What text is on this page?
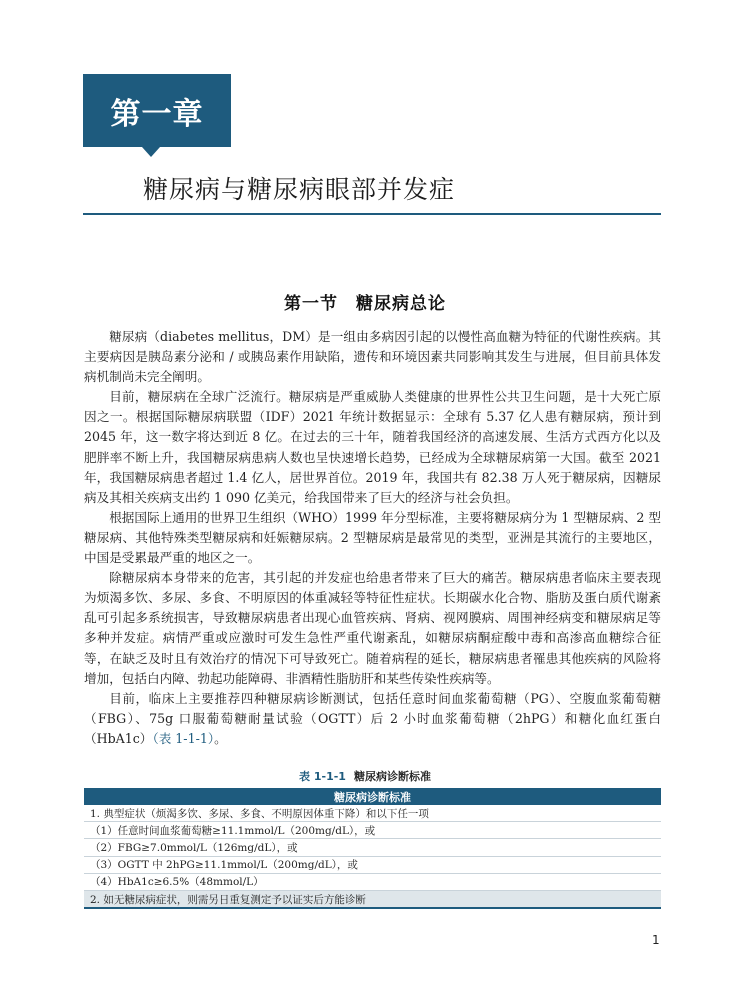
第一章
糖尿病与糖尿病眼部并发症
第一节　糖尿病总论

糖尿病（diabetes mellitus，DM）是一组由多病因引起的以慢性高血糖为特征的代谢性疾病。其主要病因是胰岛素分泌和 / 或胰岛素作用缺陷，遗传和环境因素共同影响其发生与进展，但目前具体发病机制尚未完全阐明。

目前，糖尿病在全球广泛流行。糖尿病是严重威胁人类健康的世界性公共卫生问题，是十大死亡原因之一。根据国际糖尿病联盟（IDF）2021 年统计数据显示：全球有 5.37 亿人患有糖尿病，预计到 2045 年，这一数字将达到近 8 亿。在过去的三十年，随着我国经济的高速发展、生活方式西方化以及肥胖率不断上升，我国糖尿病患病人数也呈快速增长趋势，已经成为全球糖尿病第一大国。截至 2021 年，我国糖尿病患者超过 1.4 亿人，居世界首位。2019 年，我国共有 82.38 万人死于糖尿病，因糖尿病及其相关疾病支出约 1 090 亿美元，给我国带来了巨大的经济与社会负担。

根据国际上通用的世界卫生组织（WHO）1999 年分型标准，主要将糖尿病分为 1 型糖尿病、2 型糖尿病、其他特殊类型糖尿病和妊娠糖尿病。2 型糖尿病是最常见的类型，亚洲是其流行的主要地区，中国是受累最严重的地区之一。

除糖尿病本身带来的危害，其引起的并发症也给患者带来了巨大的痛苦。糖尿病患者临床主要表现为烦渴多饮、多尿、多食、不明原因的体重减轻等特征性症状。长期碳水化合物、脂肪及蛋白质代谢紊乱可引起多系统损害，导致糖尿病患者出现心血管疾病、肾病、视网膜病、周围神经病变和糖尿病足等多种并发症。病情严重或应激时可发生急性严重代谢紊乱，如糖尿病酮症酸中毒和高渗高血糖综合征等，在缺乏及时且有效治疗的情况下可导致死亡。随着病程的延长，糖尿病患者罹患其他疾病的风险将增加，包括白内障、勃起功能障碍、非酒精性脂肪肝和某些传染性疾病等。

目前，临床上主要推荐四种糖尿病诊断测试，包括任意时间血浆葡萄糖（PG）、空腹血浆葡萄糖（FBG）、75g 口服葡萄糖耐量试验（OGTT）后 2 小时血浆葡萄糖（2hPG）和糖化血红蛋白（HbA1c）（表 1-1-1）。

表 1-1-1 糖尿病诊断标准
糖尿病诊断标准
1. 典型症状（烦渴多饮、多尿、多食、不明原因体重下降）和以下任一项
（1）任意时间血浆葡萄糖≥11.1mmol/L（200mg/dL），或
（2）FBG≥7.0mmol/L（126mg/dL），或
（3）OGTT 中 2hPG≥11.1mmol/L（200mg/dL），或
（4）HbA1c≥6.5%（48mmol/L）
2. 如无糖尿病症状，则需另日重复测定予以证实后方能诊断
1
